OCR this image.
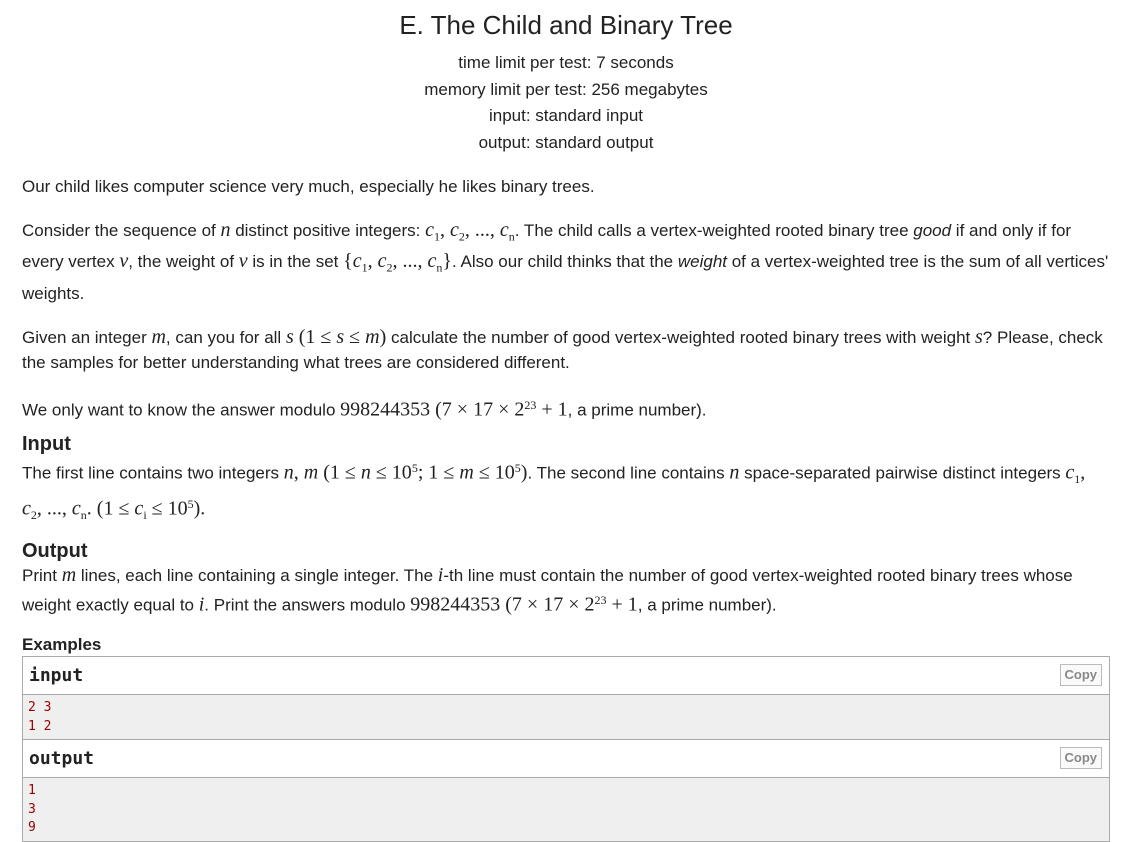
E. The Child and Binary Tree
time limit per test: 7 seconds
memory limit per test: 256 megabytes
input: standard input
output: standard output

Our child likes computer science very much, especially he likes binary trees.

Consider the sequence of n distinct positive integers: $c_1$, $c_2$, ..., $c_n$. The child calls a vertex-weighted rooted binary tree good if and only if for every vertex v, the weight of v is in the set {$c_1$, $c_2$, ..., $c_n$}. Also our child thinks that the weight of a vertex-weighted tree is the sum of all vertices' weights.

Given an integer m, can you for all s (1 ≤ s ≤ m) calculate the number of good vertex-weighted rooted binary trees with weight s? Please, check the samples for better understanding what trees are considered different.

We only want to know the answer modulo 998244353 ($7 \times 17 \times 2^{23} + 1$, a prime number).

Input

The first line contains two integers n, m ($1 \le n \le 10^5$; $1 \le m \le 10^5$). The second line contains n space-separated pairwise distinct integers $c_1$, $c_2$, ..., $c_n$. $(1 \le c_i \le 10^5)$.

Output

Print m lines, each line containing a single integer. The i-th line must contain the number of good vertex-weighted rooted binary trees whose weight exactly equal to i. Print the answers modulo 998244353 ($7 \times 17 \times 2^{23} + 1$, a prime number).

Examples
input	Copy
2 3
1 2
output	Copy
1
3
9
